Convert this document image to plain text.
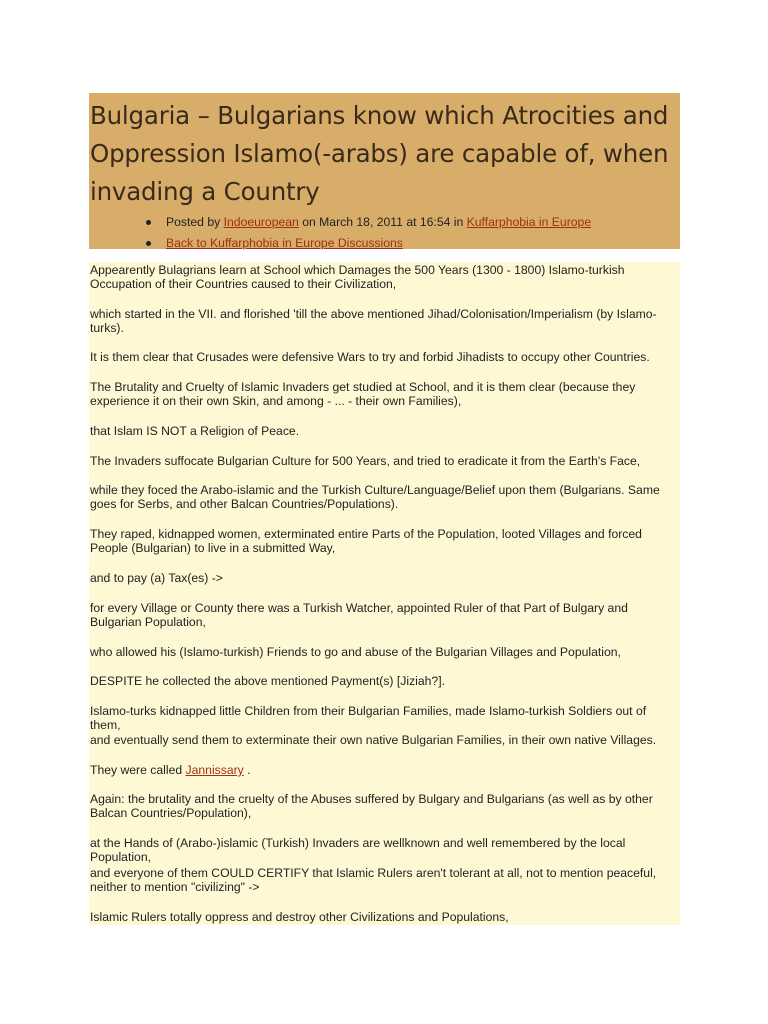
Bulgaria – Bulgarians know which Atrocities and Oppression Islamo(-arabs) are capable of, when invading a Country
Posted by Indoeuropean on March 18, 2011 at 16:54 in Kuffarphobia in Europe
Back to Kuffarphobia in Europe Discussions

Appearently Bulagrians learn at School which Damages the 500 Years (1300 - 1800) Islamo-turkish Occupation of their Countries caused to their Civilization,

which started in the VII. and florished 'till the above mentioned Jihad/Colonisation/Imperialism (by Islamo-turks).

It is them clear that Crusades were defensive Wars to try and forbid Jihadists to occupy other Countries.

The Brutality and Cruelty of Islamic Invaders get studied at School, and it is them clear (because they experience it on their own Skin, and among - ... - their own Families),

that Islam IS NOT a Religion of Peace.

The Invaders suffocate Bulgarian Culture for 500 Years, and tried to eradicate it from the Earth's Face,

while they foced the Arabo-islamic and the Turkish Culture/Language/Belief upon them (Bulgarians. Same goes for Serbs, and other Balcan Countries/Populations).

They raped, kidnapped women, exterminated entire Parts of the Population, looted Villages and forced People (Bulgarian) to live in a submitted Way,

and to pay (a) Tax(es) ->

for every Village or County there was a Turkish Watcher, appointed Ruler of that Part of Bulgary and Bulgarian Population,

who allowed his (Islamo-turkish) Friends to go and abuse of the Bulgarian Villages and Population,

DESPITE he collected the above mentioned Payment(s) [Jiziah?].

Islamo-turks kidnapped little Children from their Bulgarian Families, made Islamo-turkish Soldiers out of them,

and eventually send them to exterminate their own native Bulgarian Families, in their own native Villages.

They were called Jannissary .

Again: the brutality and the cruelty of the Abuses suffered by Bulgary and Bulgarians (as well as by other Balcan Countries/Population),

at the Hands of (Arabo-)islamic (Turkish) Invaders are wellknown and well remembered by the local Population,

and everyone of them COULD CERTIFY that Islamic Rulers aren't tolerant at all, not to mention peaceful, neither to mention "civilizing" ->

Islamic Rulers totally oppress and destroy other Civilizations and Populations,
